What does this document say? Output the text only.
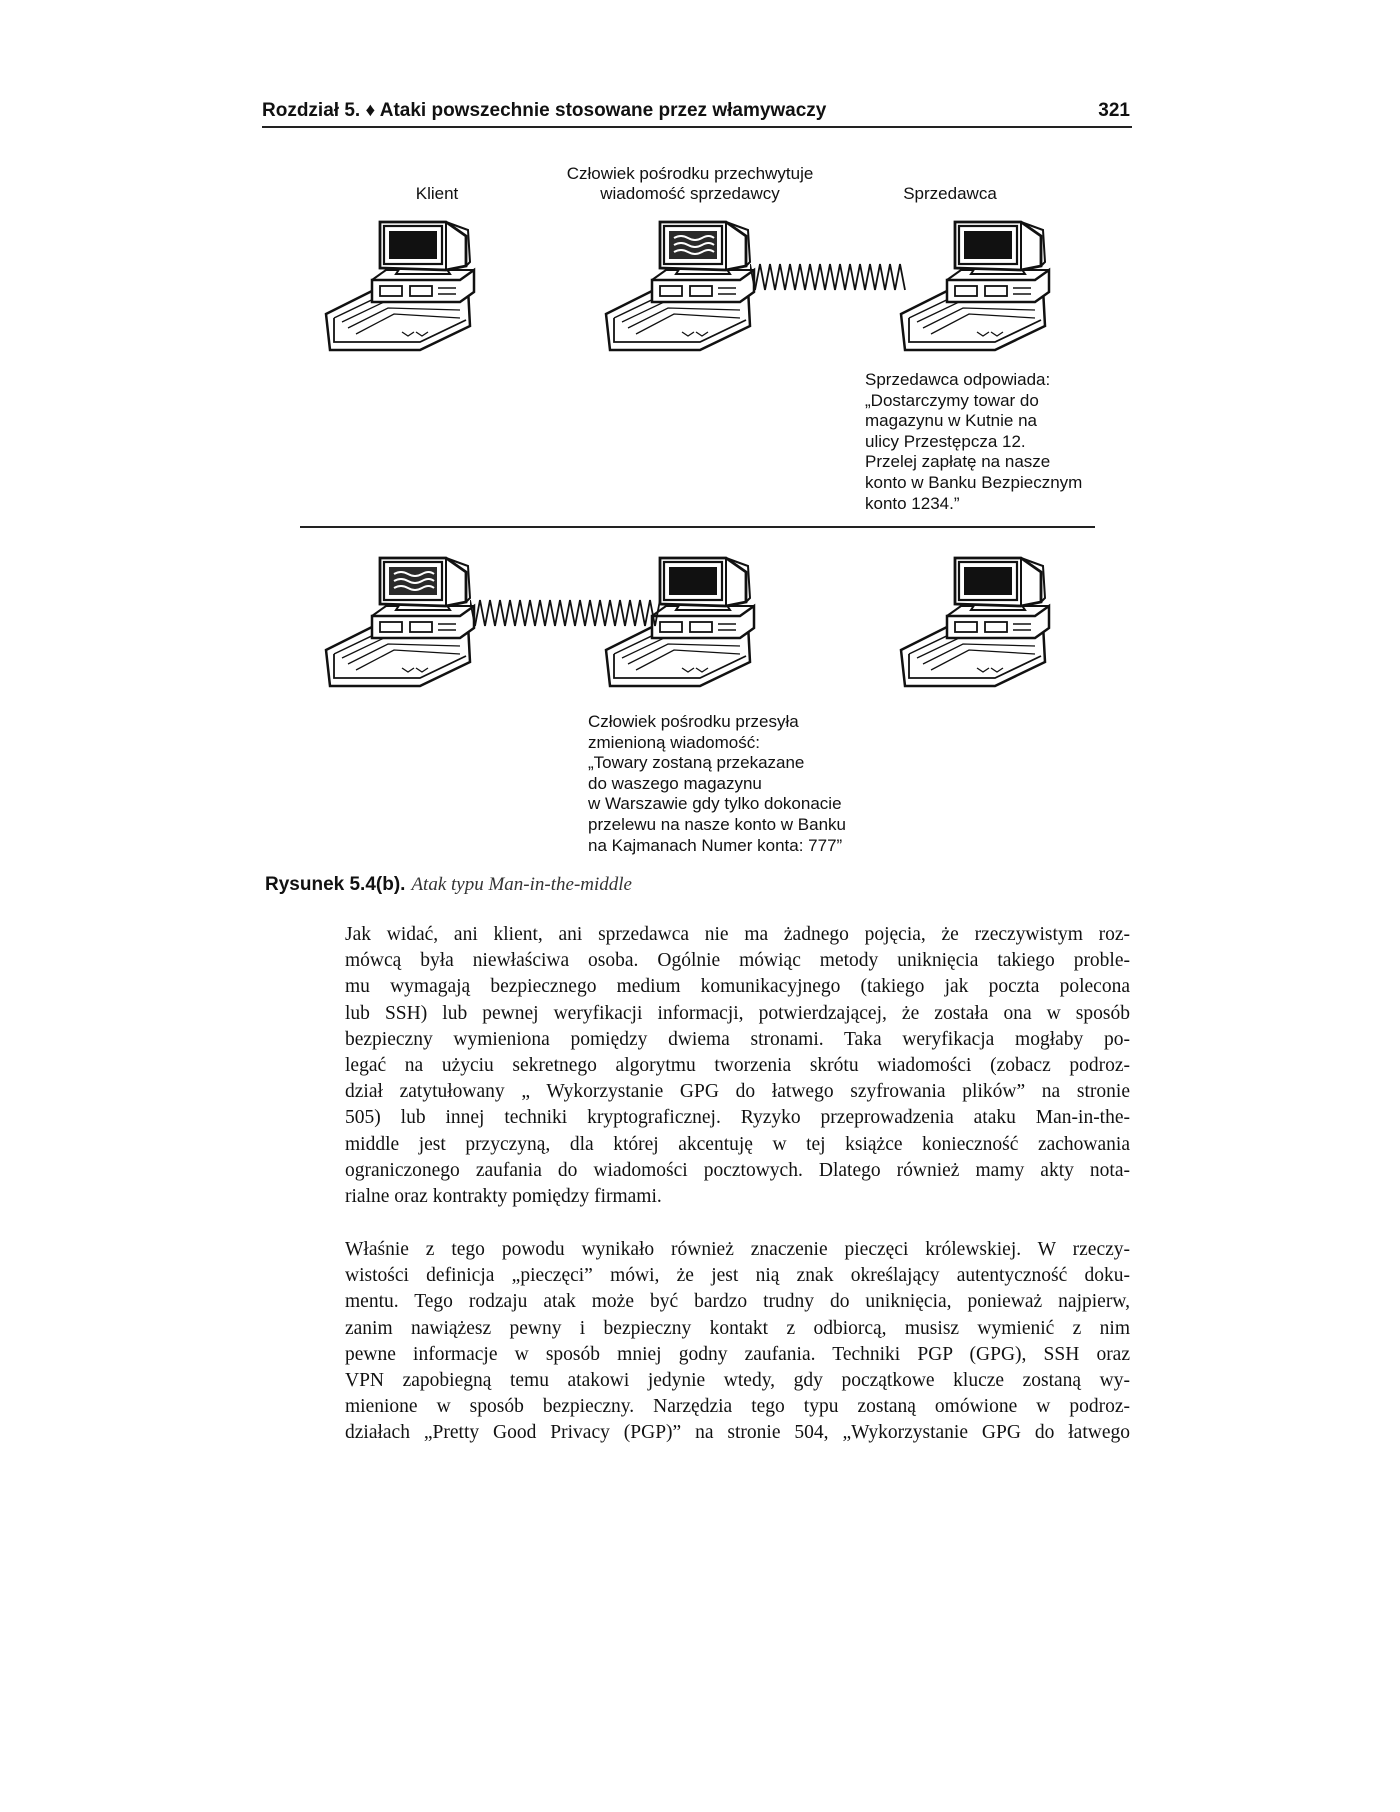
Rozdział 5. ♦ Ataki powszechnie stosowane przez włamywaczy	321
Klient
Człowiek pośrodku przechwytuje
wiadomość sprzedawcy	Sprzedawca
Sprzedawca odpowiada:
„Dostarczymy towar do
magazynu w Kutnie na
ulicy Przestępcza 12.
Przelej zapłatę na nasze
konto w Banku Bezpiecznym
konto 1234.”
Człowiek pośrodku przesyła
zmienioną wiadomość:
„Towary zostaną przekazane
do waszego magazynu
w Warszawie gdy tylko dokonacie
przelewu na nasze konto w Banku
na Kajmanach Numer konta: 777”
Rysunek 5.4(b). Atak typu Man-in-the-middle
Jak widać, ani klient, ani sprzedawca nie ma żadnego pojęcia, że rzeczywistym roz-
mówcą była niewłaściwa osoba. Ogólnie mówiąc metody uniknięcia takiego proble-
mu wymagają bezpiecznego medium komunikacyjnego (takiego jak poczta polecona
lub SSH) lub pewnej weryfikacji informacji, potwierdzającej, że została ona w sposób
bezpieczny wymieniona pomiędzy dwiema stronami. Taka weryfikacja mogłaby po-
legać na użyciu sekretnego algorytmu tworzenia skrótu wiadomości (zobacz podroz-
dział zatytułowany „ Wykorzystanie GPG do łatwego szyfrowania plików” na stronie
505) lub innej techniki kryptograficznej. Ryzyko przeprowadzenia ataku Man-in-the-
middle jest przyczyną, dla której akcentuję w tej książce konieczność zachowania
ograniczonego zaufania do wiadomości pocztowych. Dlatego również mamy akty nota-
rialne oraz kontrakty pomiędzy firmami.
Właśnie z tego powodu wynikało również znaczenie pieczęci królewskiej. W rzeczy-
wistości definicja „pieczęci” mówi, że jest nią znak określający autentyczność doku-
mentu. Tego rodzaju atak może być bardzo trudny do uniknięcia, ponieważ najpierw,
zanim nawiążesz pewny i bezpieczny kontakt z odbiorcą, musisz wymienić z nim
pewne informacje w sposób mniej godny zaufania. Techniki PGP (GPG), SSH oraz
VPN zapobiegną temu atakowi jedynie wtedy, gdy początkowe klucze zostaną wy-
mienione w sposób bezpieczny. Narzędzia tego typu zostaną omówione w podroz-
działach „Pretty Good Privacy (PGP)” na stronie 504, „Wykorzystanie GPG do łatwego
